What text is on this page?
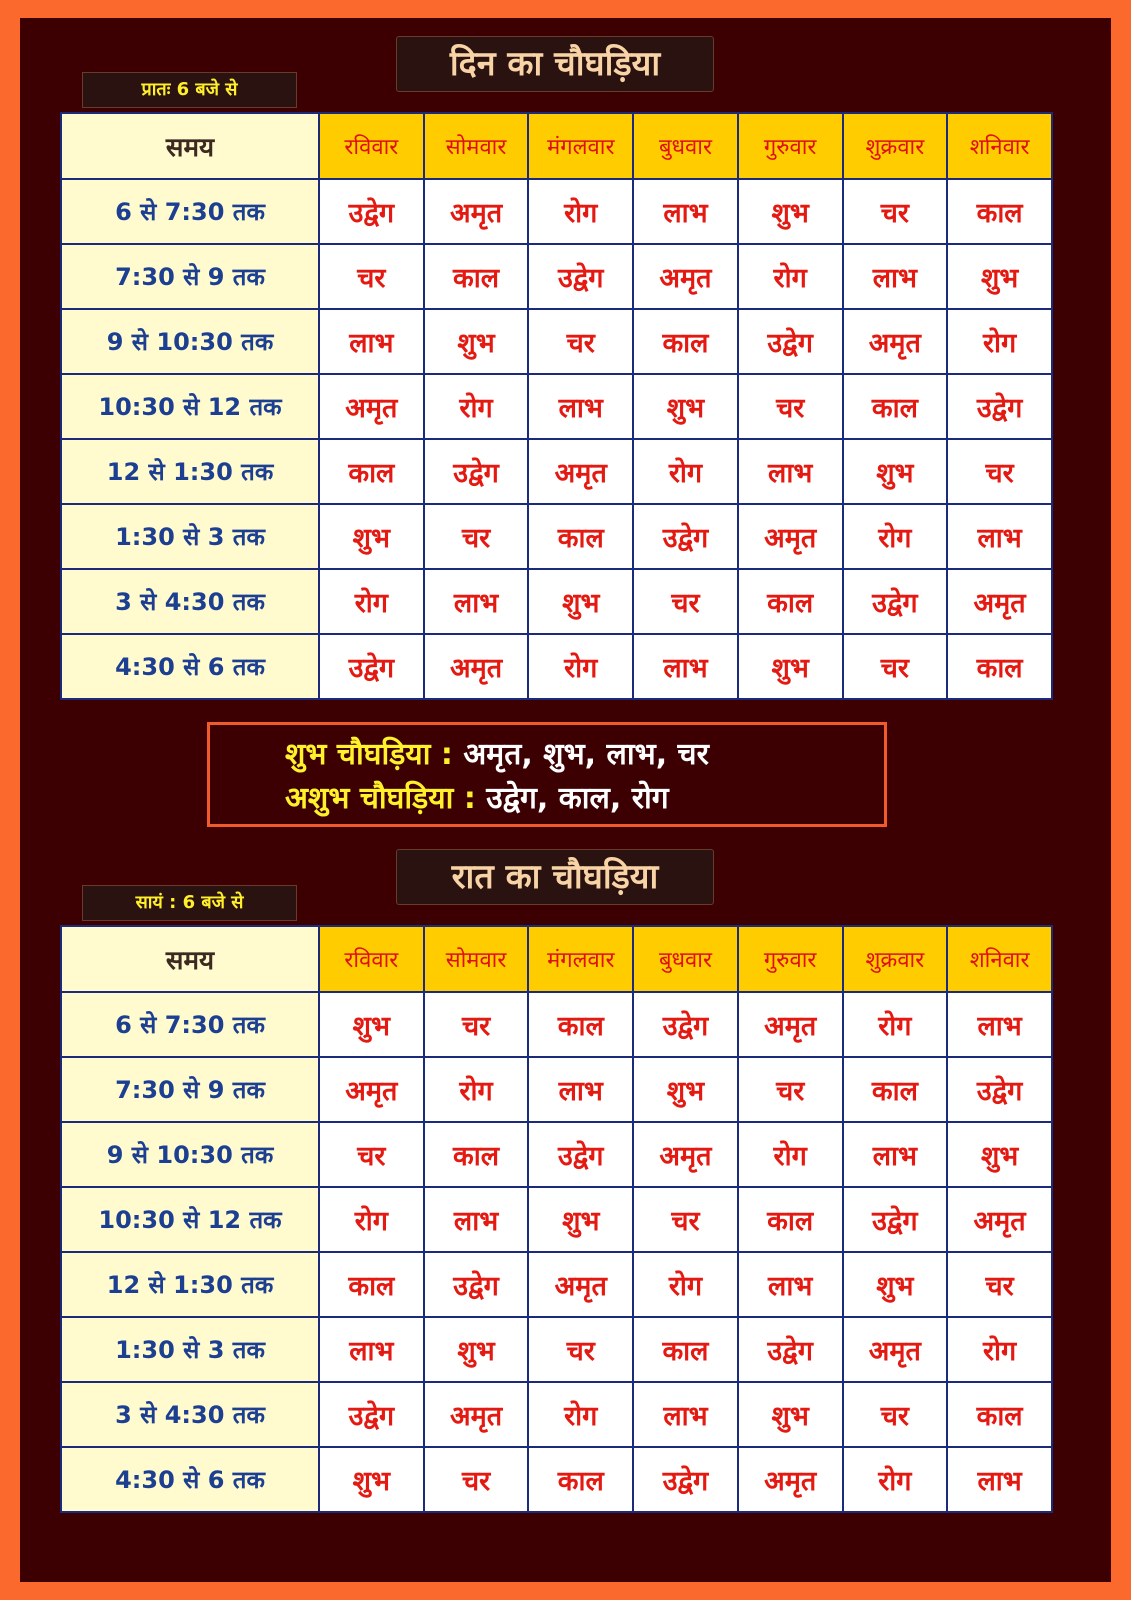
दिन का चौघड़िया
प्रातः 6 बजे से
समय	रविवार	सोमवार	मंगलवार	बुधवार	गुरुवार	शुक्रवार	शनिवार
6 से 7:30 तक	उद्वेग	अमृत	रोग	लाभ	शुभ	चर	काल
7:30 से 9 तक	चर	काल	उद्वेग	अमृत	रोग	लाभ	शुभ
9 से 10:30 तक	लाभ	शुभ	चर	काल	उद्वेग	अमृत	रोग
10:30 से 12 तक	अमृत	रोग	लाभ	शुभ	चर	काल	उद्वेग
12 से 1:30 तक	काल	उद्वेग	अमृत	रोग	लाभ	शुभ	चर
1:30 से 3 तक	शुभ	चर	काल	उद्वेग	अमृत	रोग	लाभ
3 से 4:30 तक	रोग	लाभ	शुभ	चर	काल	उद्वेग	अमृत
4:30 से 6 तक	उद्वेग	अमृत	रोग	लाभ	शुभ	चर	काल
शुभ चौघड़िया : अमृत, शुभ, लाभ, चर
अशुभ चौघड़िया : उद्वेग, काल, रोग
रात का चौघड़िया
सायं : 6 बजे से
समय	रविवार	सोमवार	मंगलवार	बुधवार	गुरुवार	शुक्रवार	शनिवार
6 से 7:30 तक	शुभ	चर	काल	उद्वेग	अमृत	रोग	लाभ
7:30 से 9 तक	अमृत	रोग	लाभ	शुभ	चर	काल	उद्वेग
9 से 10:30 तक	चर	काल	उद्वेग	अमृत	रोग	लाभ	शुभ
10:30 से 12 तक	रोग	लाभ	शुभ	चर	काल	उद्वेग	अमृत
12 से 1:30 तक	काल	उद्वेग	अमृत	रोग	लाभ	शुभ	चर
1:30 से 3 तक	लाभ	शुभ	चर	काल	उद्वेग	अमृत	रोग
3 से 4:30 तक	उद्वेग	अमृत	रोग	लाभ	शुभ	चर	काल
4:30 से 6 तक	शुभ	चर	काल	उद्वेग	अमृत	रोग	लाभ
